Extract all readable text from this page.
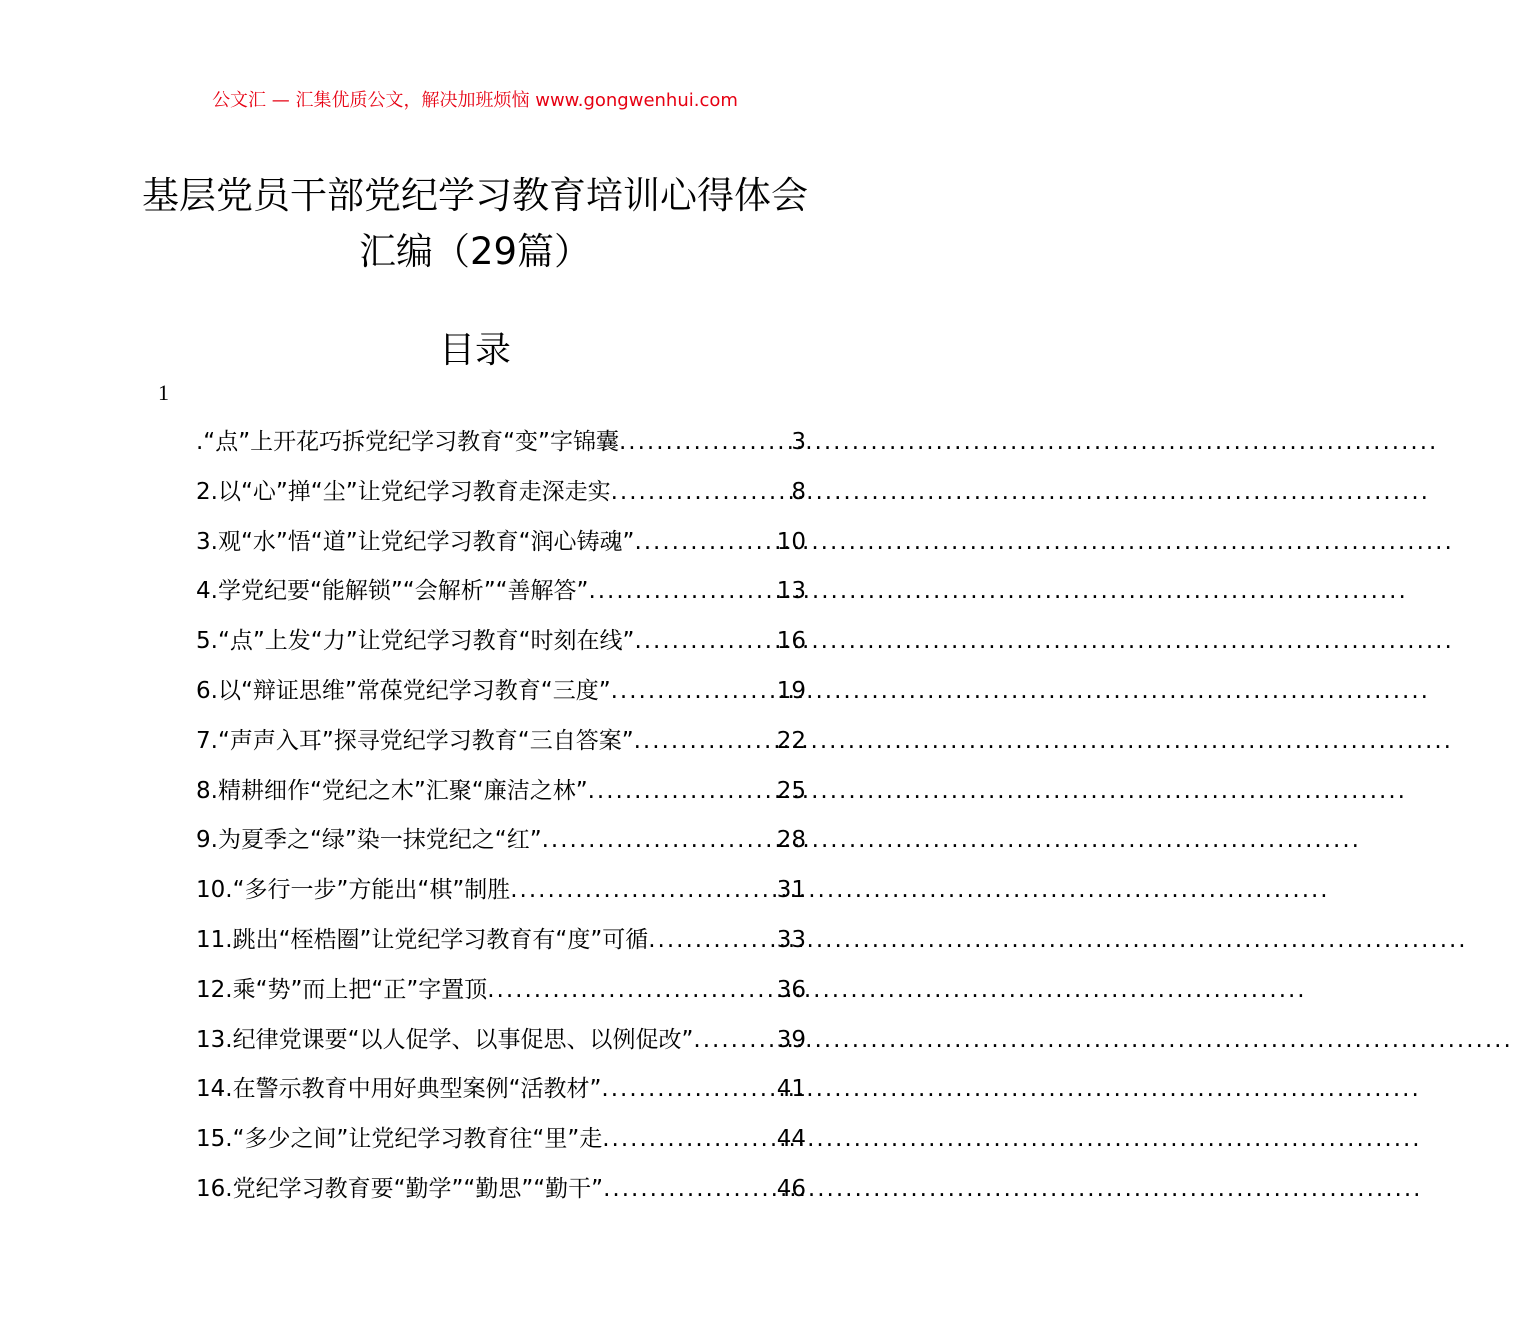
公文汇 — 汇集优质公文，解决加班烦恼 www.gongwenhui.com
基层党员干部党纪学习教育培训心得体会
汇编（29篇）
目录
1
.“点”上开花巧拆党纪学习教育“变”字锦囊 .....	3
2.以“心”掸“尘”让党纪学习教育走深走实 .....	8
3.观“水”悟“道”让党纪学习教育“润心铸魂” .....	10
4.学党纪要“能解锁”“会解析”“善解答” .....	13
5.“点”上发“力”让党纪学习教育“时刻在线” .....	16
6.以“辩证思维”常葆党纪学习教育“三度” .....	19
7.“声声入耳”探寻党纪学习教育“三自答案” .....	22
8.精耕细作“党纪之木”汇聚“廉洁之林” .....	25
9.为夏季之“绿”染一抹党纪之“红” .....	28
10.“多行一步”方能出“棋”制胜 .....	31
11.跳出“桎梏圈”让党纪学习教育有“度”可循 .....	33
12.乘“势”而上把“正”字置顶 .....	36
13.纪律党课要“以人促学、以事促思、以例促改” .....	39
14.在警示教育中用好典型案例“活教材” .....	41
15.“多少之间”让党纪学习教育往“里”走 .....	44
16.党纪学习教育要“勤学”“勤思”“勤干” .....	46
